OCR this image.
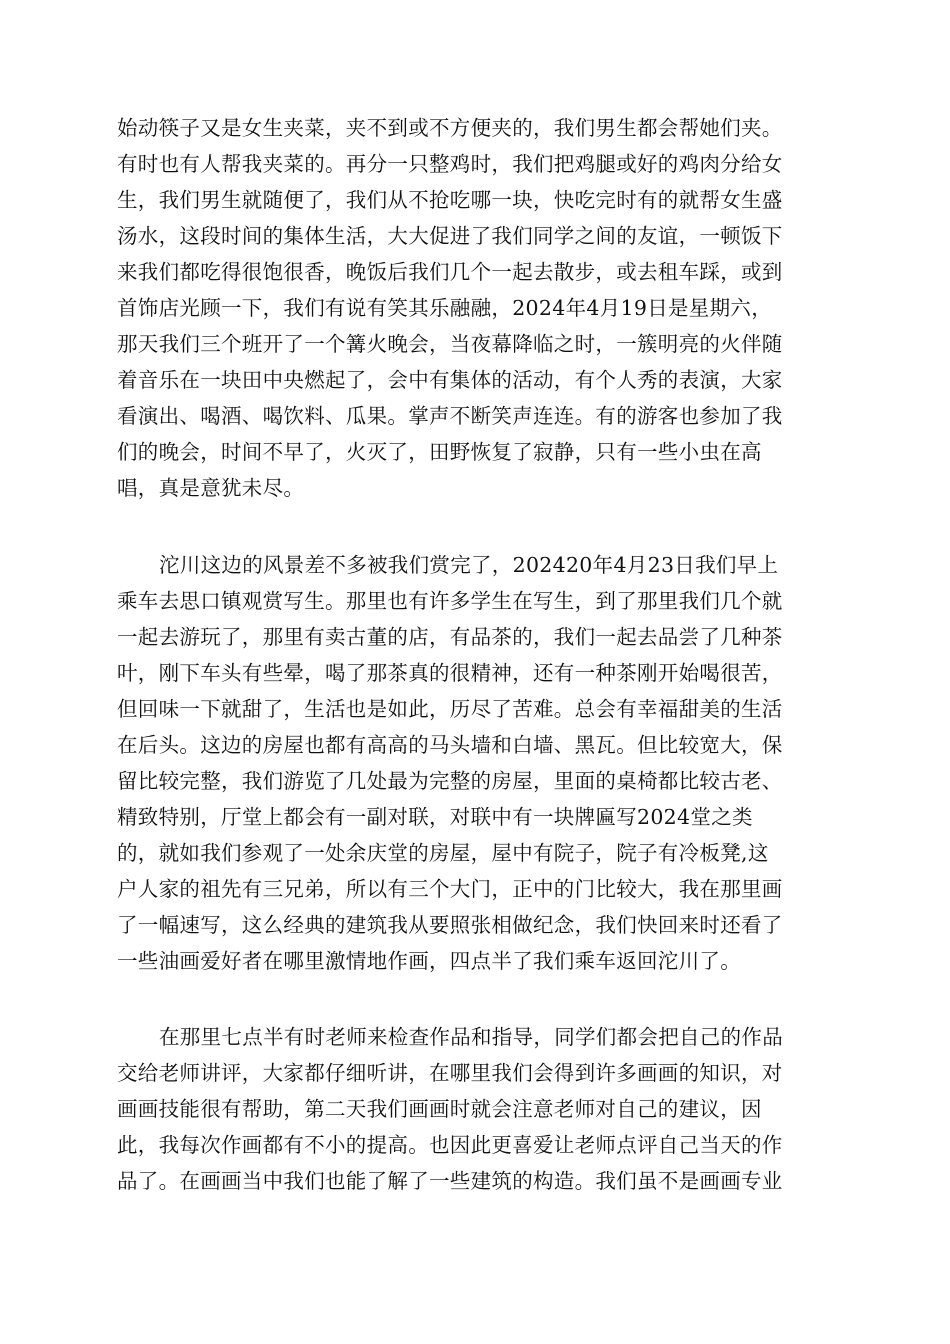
始动筷子又是女生夹菜，夹不到或不方便夹的，我们男生都会帮她们夹。
有时也有人帮我夹菜的。再分一只整鸡时，我们把鸡腿或好的鸡肉分给女
生，我们男生就随便了，我们从不抢吃哪一块，快吃完时有的就帮女生盛
汤水，这段时间的集体生活，大大促进了我们同学之间的友谊，一顿饭下
来我们都吃得很饱很香，晚饭后我们几个一起去散步，或去租车踩，或到
首饰店光顾一下，我们有说有笑其乐融融，2024年4月19日是星期六，
那天我们三个班开了一个篝火晚会，当夜幕降临之时，一簇明亮的火伴随
着音乐在一块田中央燃起了，会中有集体的活动，有个人秀的表演，大家
看演出、喝酒、喝饮料、瓜果。掌声不断笑声连连。有的游客也参加了我
们的晚会，时间不早了，火灭了，田野恢复了寂静，只有一些小虫在高
唱，真是意犹未尽。
沱川这边的风景差不多被我们赏完了，202420年4月23日我们早上
乘车去思口镇观赏写生。那里也有许多学生在写生，到了那里我们几个就
一起去游玩了，那里有卖古董的店，有品茶的，我们一起去品尝了几种茶
叶，刚下车头有些晕，喝了那茶真的很精神，还有一种茶刚开始喝很苦，
但回味一下就甜了，生活也是如此，历尽了苦难。总会有幸福甜美的生活
在后头。这边的房屋也都有高高的马头墙和白墙、黑瓦。但比较宽大，保
留比较完整，我们游览了几处最为完整的房屋，里面的桌椅都比较古老、
精致特别，厅堂上都会有一副对联，对联中有一块牌匾写2024堂之类
的，就如我们参观了一处余庆堂的房屋，屋中有院子，院子有冷板凳,这
户人家的祖先有三兄弟，所以有三个大门，正中的门比较大，我在那里画
了一幅速写，这么经典的建筑我从要照张相做纪念，我们快回来时还看了
一些油画爱好者在哪里激情地作画，四点半了我们乘车返回沱川了。
在那里七点半有时老师来检查作品和指导，同学们都会把自己的作品
交给老师讲评，大家都仔细听讲，在哪里我们会得到许多画画的知识，对
画画技能很有帮助，第二天我们画画时就会注意老师对自己的建议，因
此，我每次作画都有不小的提高。也因此更喜爱让老师点评自己当天的作
品了。在画画当中我们也能了解了一些建筑的构造。我们虽不是画画专业
